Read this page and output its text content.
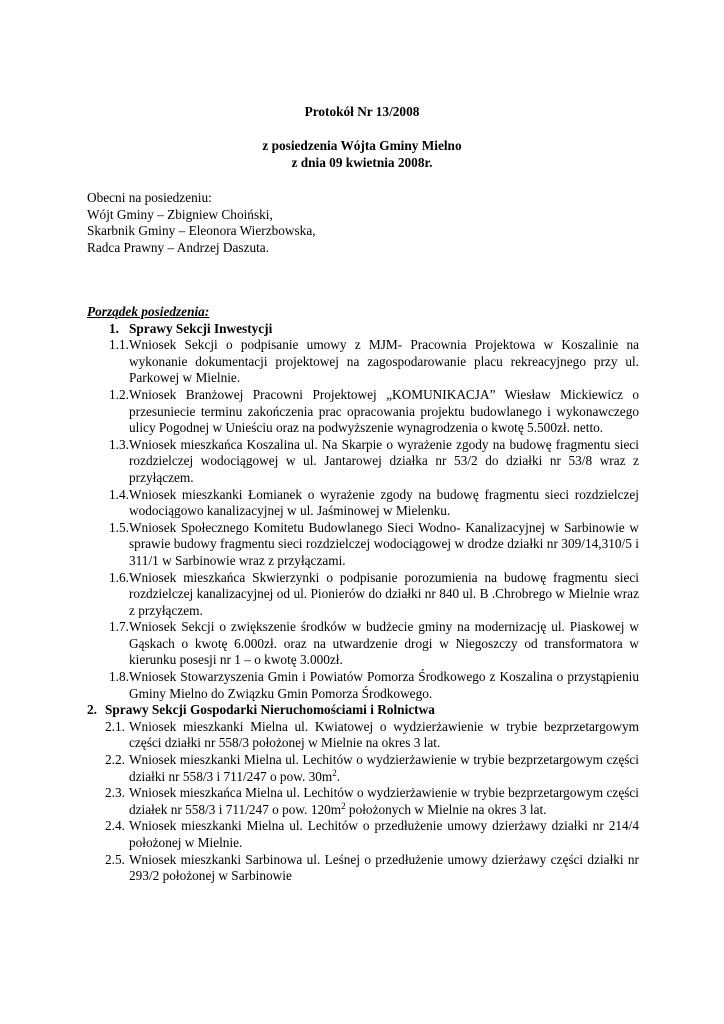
Protokół Nr 13/2008
z posiedzenia Wójta Gminy Mielno
z dnia 09 kwietnia 2008r.
Obecni na posiedzeniu:
Wójt Gminy – Zbigniew Choiński,
Skarbnik Gminy – Eleonora Wierzbowska,
Radca Prawny – Andrzej Daszuta.
Porządek posiedzenia:
1. Sprawy Sekcji Inwestycji
1.1. Wniosek Sekcji o podpisanie umowy z MJM- Pracownia Projektowa w Koszalinie na wykonanie dokumentacji projektowej na zagospodarowanie placu rekreacyjnego przy ul. Parkowej w Mielnie.
1.2. Wniosek Branżowej Pracowni Projektowej „KOMUNIKACJA” Wiesław Mickiewicz o przesuniecie terminu zakończenia prac opracowania projektu budowlanego i wykonawczego ulicy Pogodnej w Unieściu oraz na podwyższenie wynagrodzenia o kwotę 5.500zł. netto.
1.3. Wniosek mieszkańca Koszalina ul. Na Skarpie o wyrażenie zgody na budowę fragmentu sieci rozdzielczej wodociągowej w ul. Jantarowej działka nr 53/2 do działki nr 53/8 wraz z przyłączem.
1.4. Wniosek mieszkanki Łomianek o wyrażenie zgody na budowę fragmentu sieci rozdzielczej wodociągowo kanalizacyjnej w ul. Jaśminowej w Mielenku.
1.5. Wniosek Społecznego Komitetu Budowlanego Sieci Wodno- Kanalizacyjnej w Sarbinowie w sprawie budowy fragmentu sieci rozdzielczej wodociągowej w drodze działki nr 309/14,310/5 i 311/1 w Sarbinowie wraz z przyłączami.
1.6. Wniosek mieszkańca Skwierzynki o podpisanie porozumienia na budowę fragmentu sieci rozdzielczej kanalizacyjnej od ul. Pionierów do działki nr 840 ul. B .Chrobrego w Mielnie wraz z przyłączem.
1.7. Wniosek Sekcji o zwiększenie środków w budżecie gminy na modernizację ul. Piaskowej w Gąskach o kwotę 6.000zł. oraz na utwardzenie drogi w Niegoszczy od transformatora w kierunku posesji nr 1 – o kwotę 3.000zł.
1.8. Wniosek Stowarzyszenia Gmin i Powiatów Pomorza Środkowego z Koszalina o przystąpieniu Gminy Mielno do Związku Gmin Pomorza Środkowego.
2. Sprawy Sekcji Gospodarki Nieruchomościami i Rolnictwa
2.1. Wniosek mieszkanki Mielna ul. Kwiatowej o wydzierżawienie w trybie bezprzetargowym części działki nr 558/3 położonej w Mielnie na okres 3 lat.
2.2. Wniosek mieszkanki Mielna ul. Lechitów o wydzierżawienie w trybie bezprzetargowym części działki nr 558/3 i 711/247 o pow. $30m^2$.
2.3. Wniosek mieszkańca Mielna ul. Lechitów o wydzierżawienie w trybie bezprzetargowym części działek nr 558/3 i 711/247 o pow. $120m^2$ położonych w Mielnie na okres 3 lat.
2.4. Wniosek mieszkanki Mielna ul. Lechitów o przedłużenie umowy dzierżawy działki nr 214/4 położonej w Mielnie.
2.5. Wniosek mieszkanki Sarbinowa ul. Leśnej o przedłużenie umowy dzierżawy części działki nr 293/2 położonej w Sarbinowie
